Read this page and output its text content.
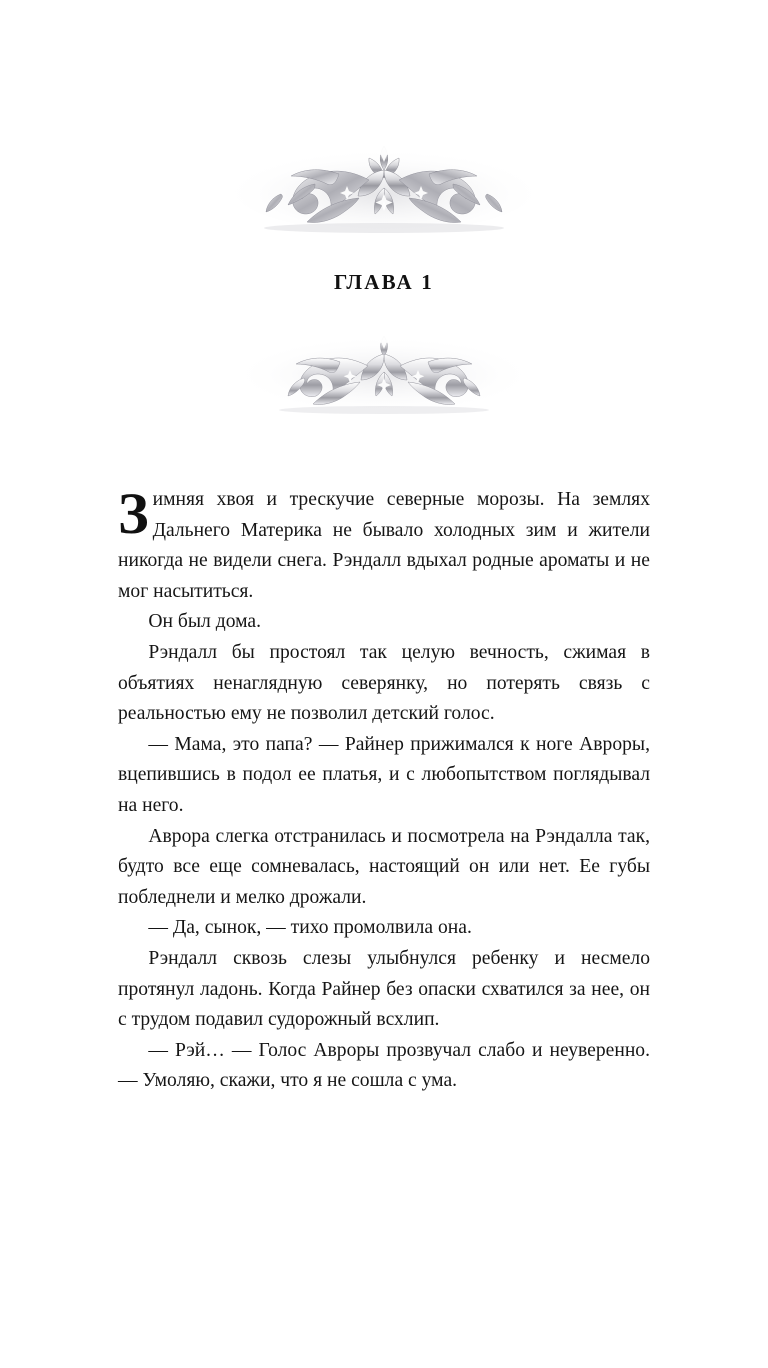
ГЛАВА 1

Зимняя хвоя и трескучие северные морозы. На землях Дальнего Материка не бывало холодных зим и жители никогда не видели снега. Рэндалл вдыхал родные ароматы и не мог насытиться.

Он был дома.

Рэндалл бы простоял так целую вечность, сжимая в объятиях ненаглядную северянку, но потерять связь с реальностью ему не позволил детский голос.

— Мама, это папа? — Райнер прижимался к ноге Авроры, вцепившись в подол ее платья, и с любопытством поглядывал на него.

Аврора слегка отстранилась и посмотрела на Рэндалла так, будто все еще сомневалась, настоящий он или нет. Ее губы побледнели и мелко дрожали.

— Да, сынок, — тихо промолвила она.

Рэндалл сквозь слезы улыбнулся ребенку и несмело протянул ладонь. Когда Райнер без опаски схватился за нее, он с трудом подавил судорожный всхлип.

— Рэй… — Голос Авроры прозвучал слабо и неуверенно. — Умоляю, скажи, что я не сошла с ума.
